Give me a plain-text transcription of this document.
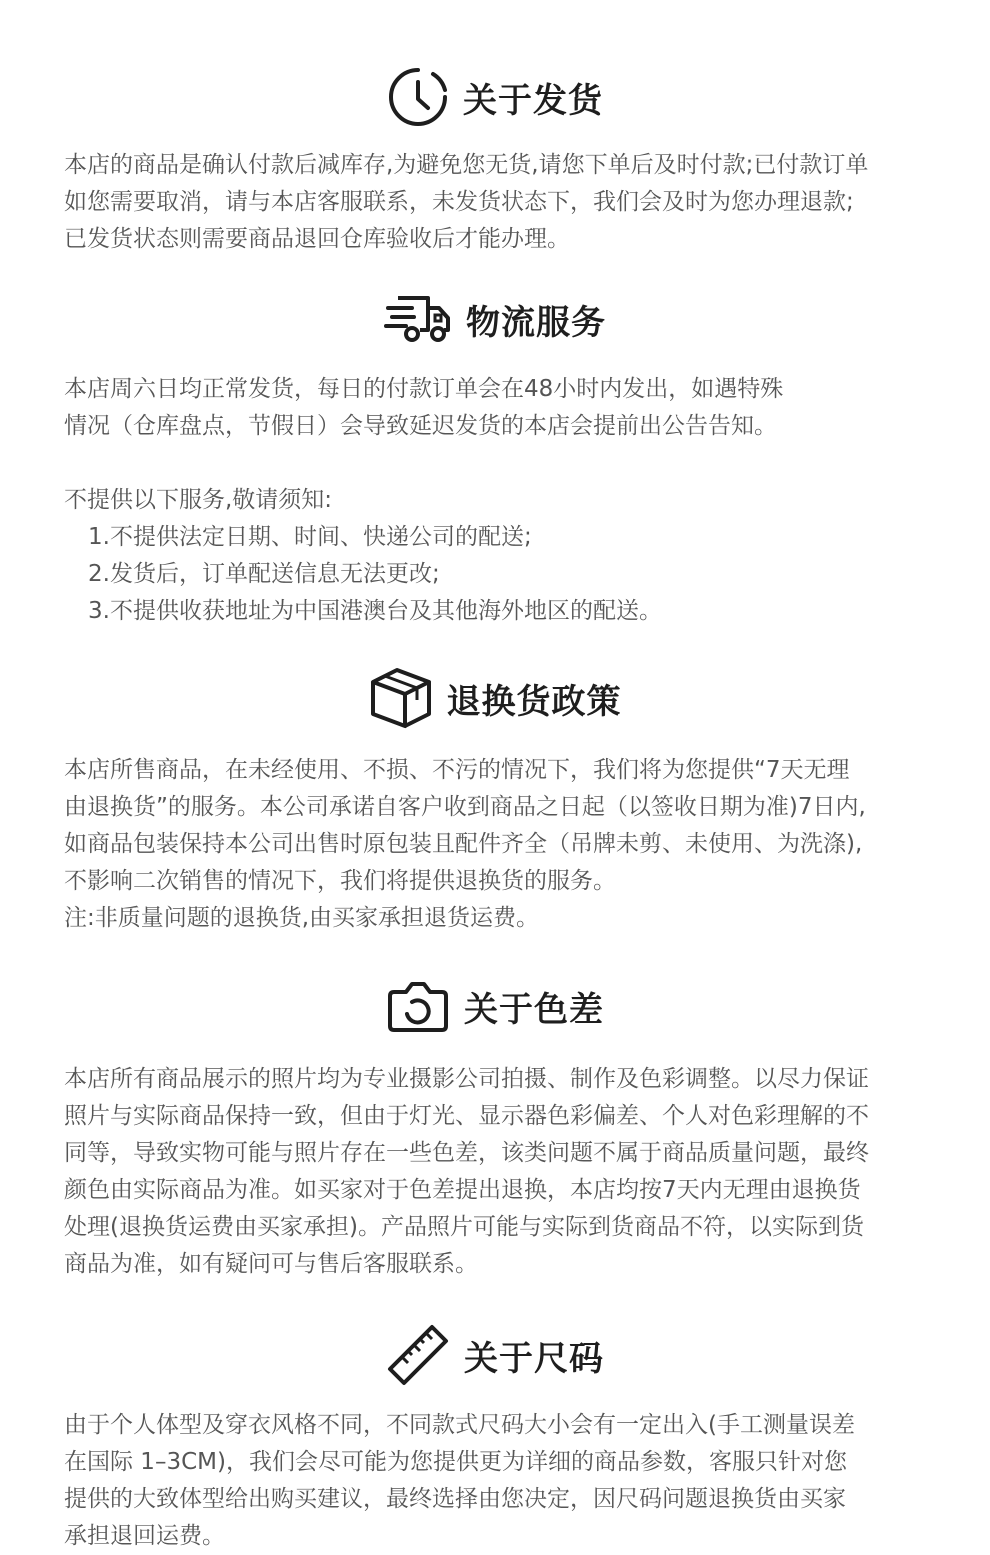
关于发货
本店的商品是确认付款后减库存,为避免您无货,请您下单后及时付款;已付款订单
如您需要取消，请与本店客服联系，未发货状态下，我们会及时为您办理退款;
已发货状态则需要商品退回仓库验收后才能办理。
物流服务
本店周六日均正常发货，每日的付款订单会在48小时内发出，如遇特殊
情况（仓库盘点，节假日）会导致延迟发货的本店会提前出公告告知。
不提供以下服务,敬请须知:
1.不提供法定日期、时间、快递公司的配送;
2.发货后，订单配送信息无法更改;
3.不提供收获地址为中国港澳台及其他海外地区的配送。
退换货政策
本店所售商品，在未经使用、不损、不污的情况下，我们将为您提供“7天无理
由退换货”的服务。本公司承诺自客户收到商品之日起（以签收日期为准)7日内,
如商品包装保持本公司出售时原包装且配件齐全（吊牌未剪、未使用、为洗涤),
不影响二次销售的情况下，我们将提供退换货的服务。
注:非质量问题的退换货,由买家承担退货运费。
关于色差
本店所有商品展示的照片均为专业摄影公司拍摄、制作及色彩调整。以尽力保证
照片与实际商品保持一致，但由于灯光、显示器色彩偏差、个人对色彩理解的不
同等，导致实物可能与照片存在一些色差，该类问题不属于商品质量问题，最终
颜色由实际商品为准。如买家对于色差提出退换，本店均按7天内无理由退换货
处理(退换货运费由买家承担)。产品照片可能与实际到货商品不符，以实际到货
商品为准，如有疑问可与售后客服联系。
关于尺码
由于个人体型及穿衣风格不同，不同款式尺码大小会有一定出入(手工测量误差
在国际 1–3CM)，我们会尽可能为您提供更为详细的商品参数，客服只针对您
提供的大致体型给出购买建议，最终选择由您决定，因尺码问题退换货由买家
承担退回运费。
